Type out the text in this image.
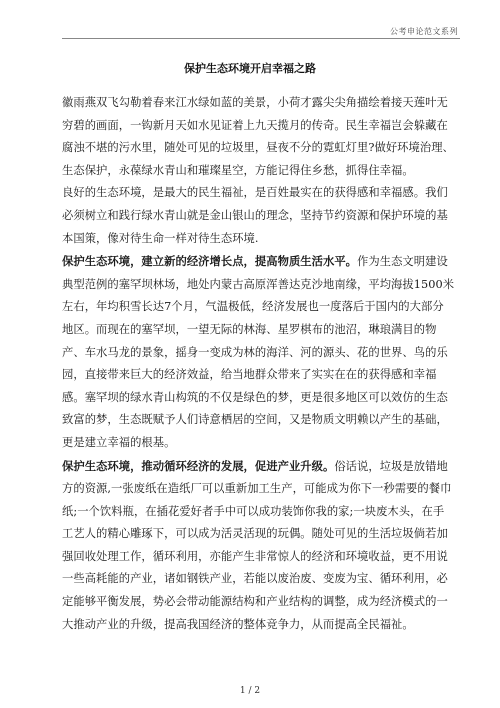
公考申论范文系列
保护生态环境开启幸福之路

徽雨燕双飞勾勒着春来江水绿如蓝的美景，小荷才露尖尖角描绘着接天莲叶无穷碧的画面，一钩新月天如水见证着上九天揽月的传奇。民生幸福岂会躲藏在腐浊不堪的污水里，随处可见的垃圾里，昼夜不分的霓虹灯里?做好环境治理、生态保护，永葆绿水青山和璀璨星空，方能记得住乡愁，抓得住幸福。

良好的生态环境，是最大的民生福祉，是百姓最实在的获得感和幸福感。我们必须树立和践行绿水青山就是金山银山的理念，坚持节约资源和保护环境的基本国策，像对待生命一样对待生态环境.

保护生态环境，建立新的经济增长点，提高物质生活水平。作为生态文明建设典型范例的塞罕坝林场，地处内蒙古高原浑善达克沙地南缘，平均海拔1500米左右，年均积雪长达7个月，气温极低，经济发展也一度落后于国内的大部分地区。而现在的塞罕坝，一望无际的林海、星罗棋布的池沼，琳琅满目的物产、车水马龙的景象，摇身一变成为林的海洋、河的源头、花的世界、鸟的乐园，直接带来巨大的经济效益，给当地群众带来了实实在在的获得感和幸福感。塞罕坝的绿水青山构筑的不仅是绿色的梦，更是很多地区可以效仿的生态致富的梦，生态既赋予人们诗意栖居的空间，又是物质文明赖以产生的基础，更是建立幸福的根基。

保护生态环境，推动循环经济的发展，促进产业升级。俗话说，垃圾是放错地方的资源,一张废纸在造纸厂可以重新加工生产，可能成为你下一秒需要的餐巾纸;一个饮料瓶，在插花爱好者手中可以成功装饰你我的家;一块废木头，在手工艺人的精心雕琢下，可以成为活灵活现的玩偶。随处可见的生活垃圾倘若加强回收处理工作，循环利用，亦能产生非常惊人的经济和环境收益，更不用说一些高耗能的产业，诸如钢铁产业，若能以废治废、变废为宝、循环利用，必定能够平衡发展，势必会带动能源结构和产业结构的调整，成为经济模式的一大推动产业的升级，提高我国经济的整体竞争力，从而提高全民福祉。

1 / 2
